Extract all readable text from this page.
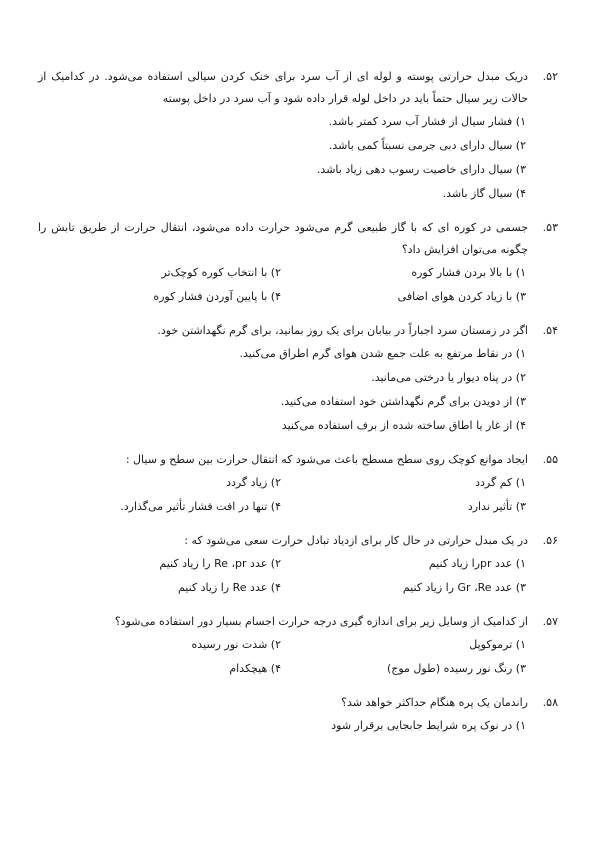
۵۲.

دریک مبدل حرارتی پوسته و لوله ای از آب سرد برای خنک کردن سیالی استفاده می‌شود. در کدامیک از حالات زیر سیال حتماً باید در داخل لوله قرار داده شود و آب سرد در داخل پوسته

۱) فشار سیال از فشار آب سرد کمتر باشد.
۲) سیال دارای دبی جرمی نسبتاً کمی باشد.
۳) سیال دارای خاصیت رسوب دهی زیاد باشد.
۴) سیال گاز باشد.
۵۳.

جسمی در کوره ای که با گاز طبیعی گرم می‌شود حرارت داده می‌شود، انتقال حرارت از طریق تابش را چگونه می‌توان افزایش داد؟

۱) با بالا بردن فشار کوره
۲) با انتخاب کوره کوچک‌تر
۳) با زیاد کردن هوای اضافی
۴) با پایین آوردن فشار کوره
۵۴.

اگر در زمستان سرد اجباراً در بیابان برای یک روز بمانید، برای گرم نگهداشتن خود.

۱) در نقاط مرتفع به علت جمع شدن هوای گرم اطراق می‌کنید.
۲) در پناه دیوار یا درختی می‌مانید.
۳) از دویدن برای گرم نگهداشتن خود استفاده می‌کنید.
۴) از غار یا اطاق ساخته شده از برف استفاده می‌کنید
۵۵.

ایجاد موانع کوچک روی سطح مسطح باعث می‌شود که انتقال حرارت بین سطح و سیال :

۱) کم گردد
۲) زیاد گردد
۳) تأثیر ندارد
۴) تنها در افت فشار تأثیر می‌گذارد.
۵۶.

در یک مبدل حرارتی در حال کار برای ازدیاد تبادل حرارت سعی می‌شود که :

۱) عدد prرا زیاد کنیم
۲) عدد Re ،pr را زیاد کنیم
۳) عدد Gr ،Re را زیاد کنیم
۴) عدد Re را زیاد کنیم
۵۷.

از کدامیک از وسایل زیر برای اندازه گیری درجه حرارت اجسام بسیار دور استفاده می‌شود؟

۱) ترموکوپل
۲) شدت نور رسیده
۳) رنگ نور رسیده (طول موج)
۴) هیچکدام
۵۸.

راندمان یک پره هنگام حداکثر خواهد شد؟

۱) در نوک پره شرایط جابجایی برقرار شود
